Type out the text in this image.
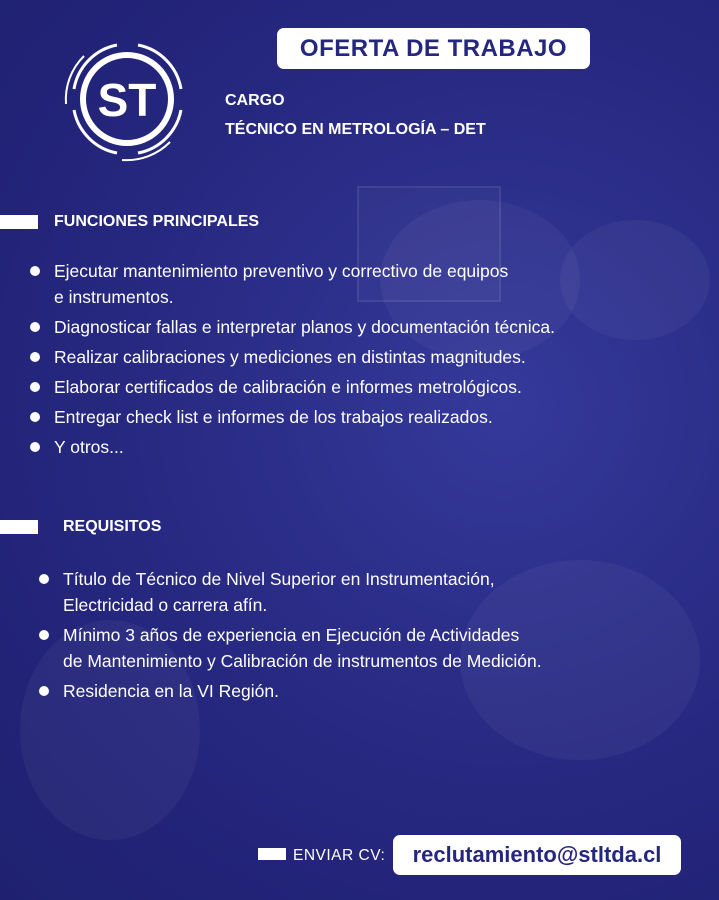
ST
OFERTA DE TRABAJO
CARGO
TÉCNICO EN METROLOGÍA – DET
FUNCIONES PRINCIPALES
Ejecutar mantenimiento preventivo y correctivo de equipos
e instrumentos.
Diagnosticar fallas e interpretar planos y documentación técnica.
Realizar calibraciones y mediciones en distintas magnitudes.
Elaborar certificados de calibración e informes metrológicos.
Entregar check list e informes de los trabajos realizados.
Y otros...
REQUISITOS
Título de Técnico de Nivel Superior en Instrumentación,
Electricidad o carrera afín.
Mínimo 3 años de experiencia en Ejecución de Actividades
de Mantenimiento y Calibración de instrumentos de Medición.
Residencia en la VI Región.
ENVIAR CV: reclutamiento@stltda.cl
